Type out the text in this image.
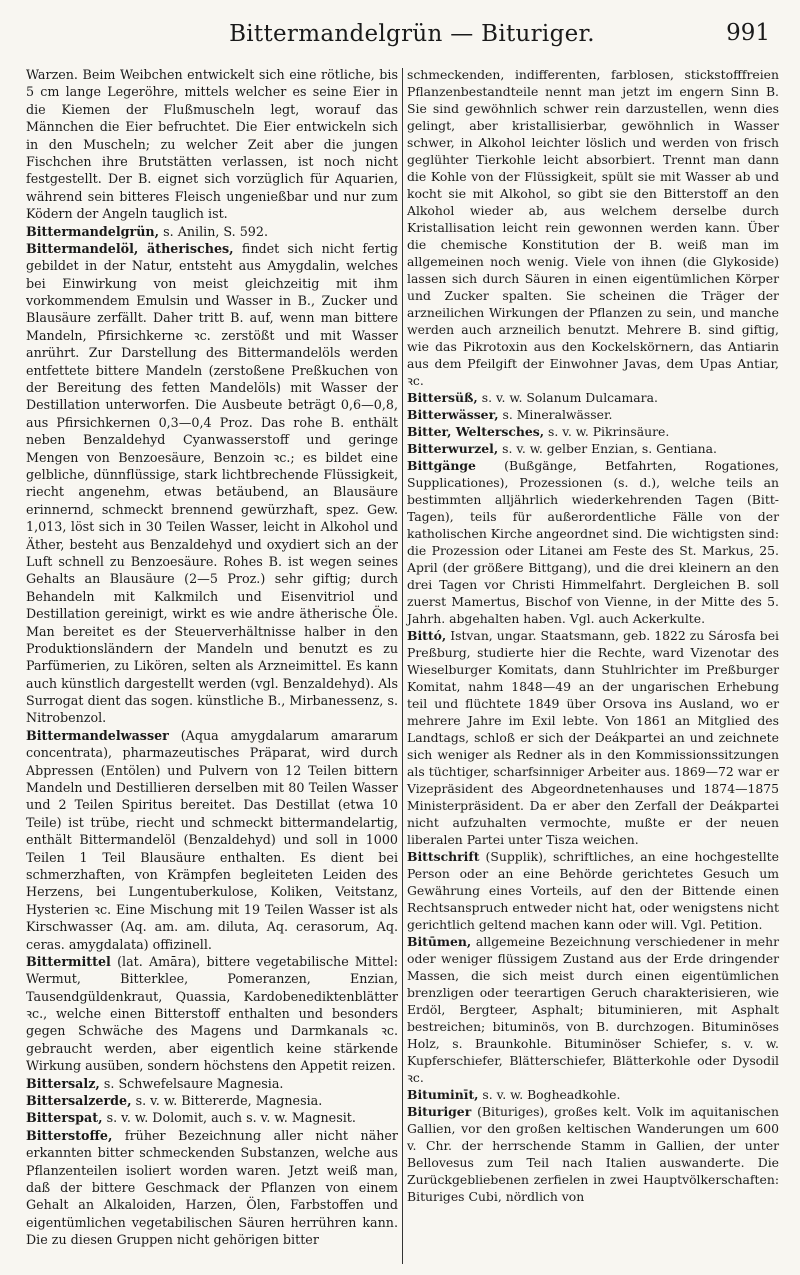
Bittermandelgrün — Bituriger.	991

Warzen. Beim Weibchen entwickelt sich eine rötliche, bis 5 cm lange Legeröhre, mittels welcher es seine Eier in die Kiemen der Flußmuscheln legt, worauf das Männchen die Eier befruchtet. Die Eier entwickeln sich in den Muscheln; zu welcher Zeit aber die jungen Fischchen ihre Brutstätten verlassen, ist noch nicht festgestellt. Der B. eignet sich vorzüglich für Aquarien, während sein bitteres Fleisch ungenießbar und nur zum Ködern der Angeln tauglich ist.

Bittermandelgrün, s. Anilin, S. 592.

Bittermandelöl, ätherisches, findet sich nicht fertig gebildet in der Natur, entsteht aus Amygdalin, welches bei Einwirkung von meist gleichzeitig mit ihm vorkommendem Emulsin und Wasser in B., Zucker und Blausäure zerfällt. Daher tritt B. auf, wenn man bittere Mandeln, Pfirsichkerne ꝛc. zerstößt und mit Wasser anrührt. Zur Darstellung des Bittermandelöls werden entfettete bittere Mandeln (zerstoßene Preßkuchen von der Bereitung des fetten Mandelöls) mit Wasser der Destillation unterworfen. Die Ausbeute beträgt 0,6—0,8, aus Pfirsichkernen 0,3—0,4 Proz. Das rohe B. enthält neben Benzaldehyd Cyanwasserstoff und geringe Mengen von Benzoesäure, Benzoin ꝛc.; es bildet eine gelbliche, dünnflüssige, stark lichtbrechende Flüssigkeit, riecht angenehm, etwas betäubend, an Blausäure erinnernd, schmeckt brennend gewürzhaft, spez. Gew. 1,013, löst sich in 30 Teilen Wasser, leicht in Alkohol und Äther, besteht aus Benzaldehyd und oxydiert sich an der Luft schnell zu Benzoesäure. Rohes B. ist wegen seines Gehalts an Blausäure (2—5 Proz.) sehr giftig; durch Behandeln mit Kalkmilch und Eisenvitriol und Destillation gereinigt, wirkt es wie andre ätherische Öle. Man bereitet es der Steuerverhältnisse halber in den Produktionsländern der Mandeln und benutzt es zu Parfümerien, zu Likören, selten als Arzneimittel. Es kann auch künstlich dargestellt werden (vgl. Benzaldehyd). Als Surrogat dient das sogen. künstliche B., Mirbanessenz, s. Nitrobenzol.

Bittermandelwasser (Aqua amygdalarum amararum concentrata), pharmazeutisches Präparat, wird durch Abpressen (Entölen) und Pulvern von 12 Teilen bittern Mandeln und Destillieren derselben mit 80 Teilen Wasser und 2 Teilen Spiritus bereitet. Das Destillat (etwa 10 Teile) ist trübe, riecht und schmeckt bittermandelartig, enthält Bittermandelöl (Benzaldehyd) und soll in 1000 Teilen 1 Teil Blausäure enthalten. Es dient bei schmerzhaften, von Krämpfen begleiteten Leiden des Herzens, bei Lungentuberkulose, Koliken, Veitstanz, Hysterien ꝛc. Eine Mischung mit 19 Teilen Wasser ist als Kirschwasser (Aq. am. am. diluta, Aq. cerasorum, Aq. ceras. amygdalata) offizinell.

Bittermittel (lat. Amāra), bittere vegetabilische Mittel: Wermut, Bitterklee, Pomeranzen, Enzian, Tausendgüldenkraut, Quassia, Kardobenediktenblätter ꝛc., welche einen Bitterstoff enthalten und besonders gegen Schwäche des Magens und Darmkanals ꝛc. gebraucht werden, aber eigentlich keine stärkende Wirkung ausüben, sondern höchstens den Appetit reizen.

Bittersalz, s. Schwefelsaure Magnesia.

Bittersalzerde, s. v. w. Bittererde, Magnesia.

Bitterspat, s. v. w. Dolomit, auch s. v. w. Magnesit.

Bitterstoffe, früher Bezeichnung aller nicht näher erkannten bitter schmeckenden Substanzen, welche aus Pflanzenteilen isoliert worden waren. Jetzt weiß man, daß der bittere Geschmack der Pflanzen von einem Gehalt an Alkaloiden, Harzen, Ölen, Farbstoffen und eigentümlichen vegetabilischen Säuren herrühren kann. Die zu diesen Gruppen nicht gehörigen bitter

schmeckenden, indifferenten, farblosen, stickstofffreien Pflanzenbestandteile nennt man jetzt im engern Sinn B. Sie sind gewöhnlich schwer rein darzustellen, wenn dies gelingt, aber kristallisierbar, gewöhnlich in Wasser schwer, in Alkohol leichter löslich und werden von frisch geglühter Tierkohle leicht absorbiert. Trennt man dann die Kohle von der Flüssigkeit, spült sie mit Wasser ab und kocht sie mit Alkohol, so gibt sie den Bitterstoff an den Alkohol wieder ab, aus welchem derselbe durch Kristallisation leicht rein gewonnen werden kann. Über die chemische Konstitution der B. weiß man im allgemeinen noch wenig. Viele von ihnen (die Glykoside) lassen sich durch Säuren in einen eigentümlichen Körper und Zucker spalten. Sie scheinen die Träger der arzneilichen Wirkungen der Pflanzen zu sein, und manche werden auch arzneilich benutzt. Mehrere B. sind giftig, wie das Pikrotoxin aus den Kockelskörnern, das Antiarin aus dem Pfeilgift der Einwohner Javas, dem Upas Antiar, ꝛc.

Bittersüß, s. v. w. Solanum Dulcamara.

Bitterwässer, s. Mineralwässer.

Bitter, Weltersches, s. v. w. Pikrinsäure.

Bitterwurzel, s. v. w. gelber Enzian, s. Gentiana.

Bittgänge (Bußgänge, Betfahrten, Rogationes, Supplicationes), Prozessionen (s. d.), welche teils an bestimmten alljährlich wiederkehrenden Tagen (Bitt-Tagen), teils für außerordentliche Fälle von der katholischen Kirche angeordnet sind. Die wichtigsten sind: die Prozession oder Litanei am Feste des St. Markus, 25. April (der größere Bittgang), und die drei kleinern an den drei Tagen vor Christi Himmelfahrt. Dergleichen B. soll zuerst Mamertus, Bischof von Vienne, in der Mitte des 5. Jahrh. abgehalten haben. Vgl. auch Ackerkulte.

Bittó, Istvan, ungar. Staatsmann, geb. 1822 zu Sárosfa bei Preßburg, studierte hier die Rechte, ward Vizenotar des Wieselburger Komitats, dann Stuhlrichter im Preßburger Komitat, nahm 1848—49 an der ungarischen Erhebung teil und flüchtete 1849 über Orsova ins Ausland, wo er mehrere Jahre im Exil lebte. Von 1861 an Mitglied des Landtags, schloß er sich der Deákpartei an und zeichnete sich weniger als Redner als in den Kommissionssitzungen als tüchtiger, scharfsinniger Arbeiter aus. 1869—72 war er Vizepräsident des Abgeordnetenhauses und 1874—1875 Ministerpräsident. Da er aber den Zerfall der Deákpartei nicht aufzuhalten vermochte, mußte er der neuen liberalen Partei unter Tisza weichen.

Bittschrift (Supplik), schriftliches, an eine hochgestellte Person oder an eine Behörde gerichtetes Gesuch um Gewährung eines Vorteils, auf den der Bittende einen Rechtsanspruch entweder nicht hat, oder wenigstens nicht gerichtlich geltend machen kann oder will. Vgl. Petition.

Bitūmen, allgemeine Bezeichnung verschiedener in mehr oder weniger flüssigem Zustand aus der Erde dringender Massen, die sich meist durch einen eigentümlichen brenzligen oder teerartigen Geruch charakterisieren, wie Erdöl, Bergteer, Asphalt; bituminieren, mit Asphalt bestreichen; bituminös, von B. durchzogen. Bituminöses Holz, s. Braunkohle. Bituminöser Schiefer, s. v. w. Kupferschiefer, Blätterschiefer, Blätterkohle oder Dysodil ꝛc.

Bituminīt, s. v. w. Bogheadkohle.

Bituriger (Bituriges), großes kelt. Volk im aquitanischen Gallien, vor den großen keltischen Wanderungen um 600 v. Chr. der herrschende Stamm in Gallien, der unter Bellovesus zum Teil nach Italien auswanderte. Die Zurückgebliebenen zerfielen in zwei Hauptvölkerschaften: Bituriges Cubi, nördlich von
